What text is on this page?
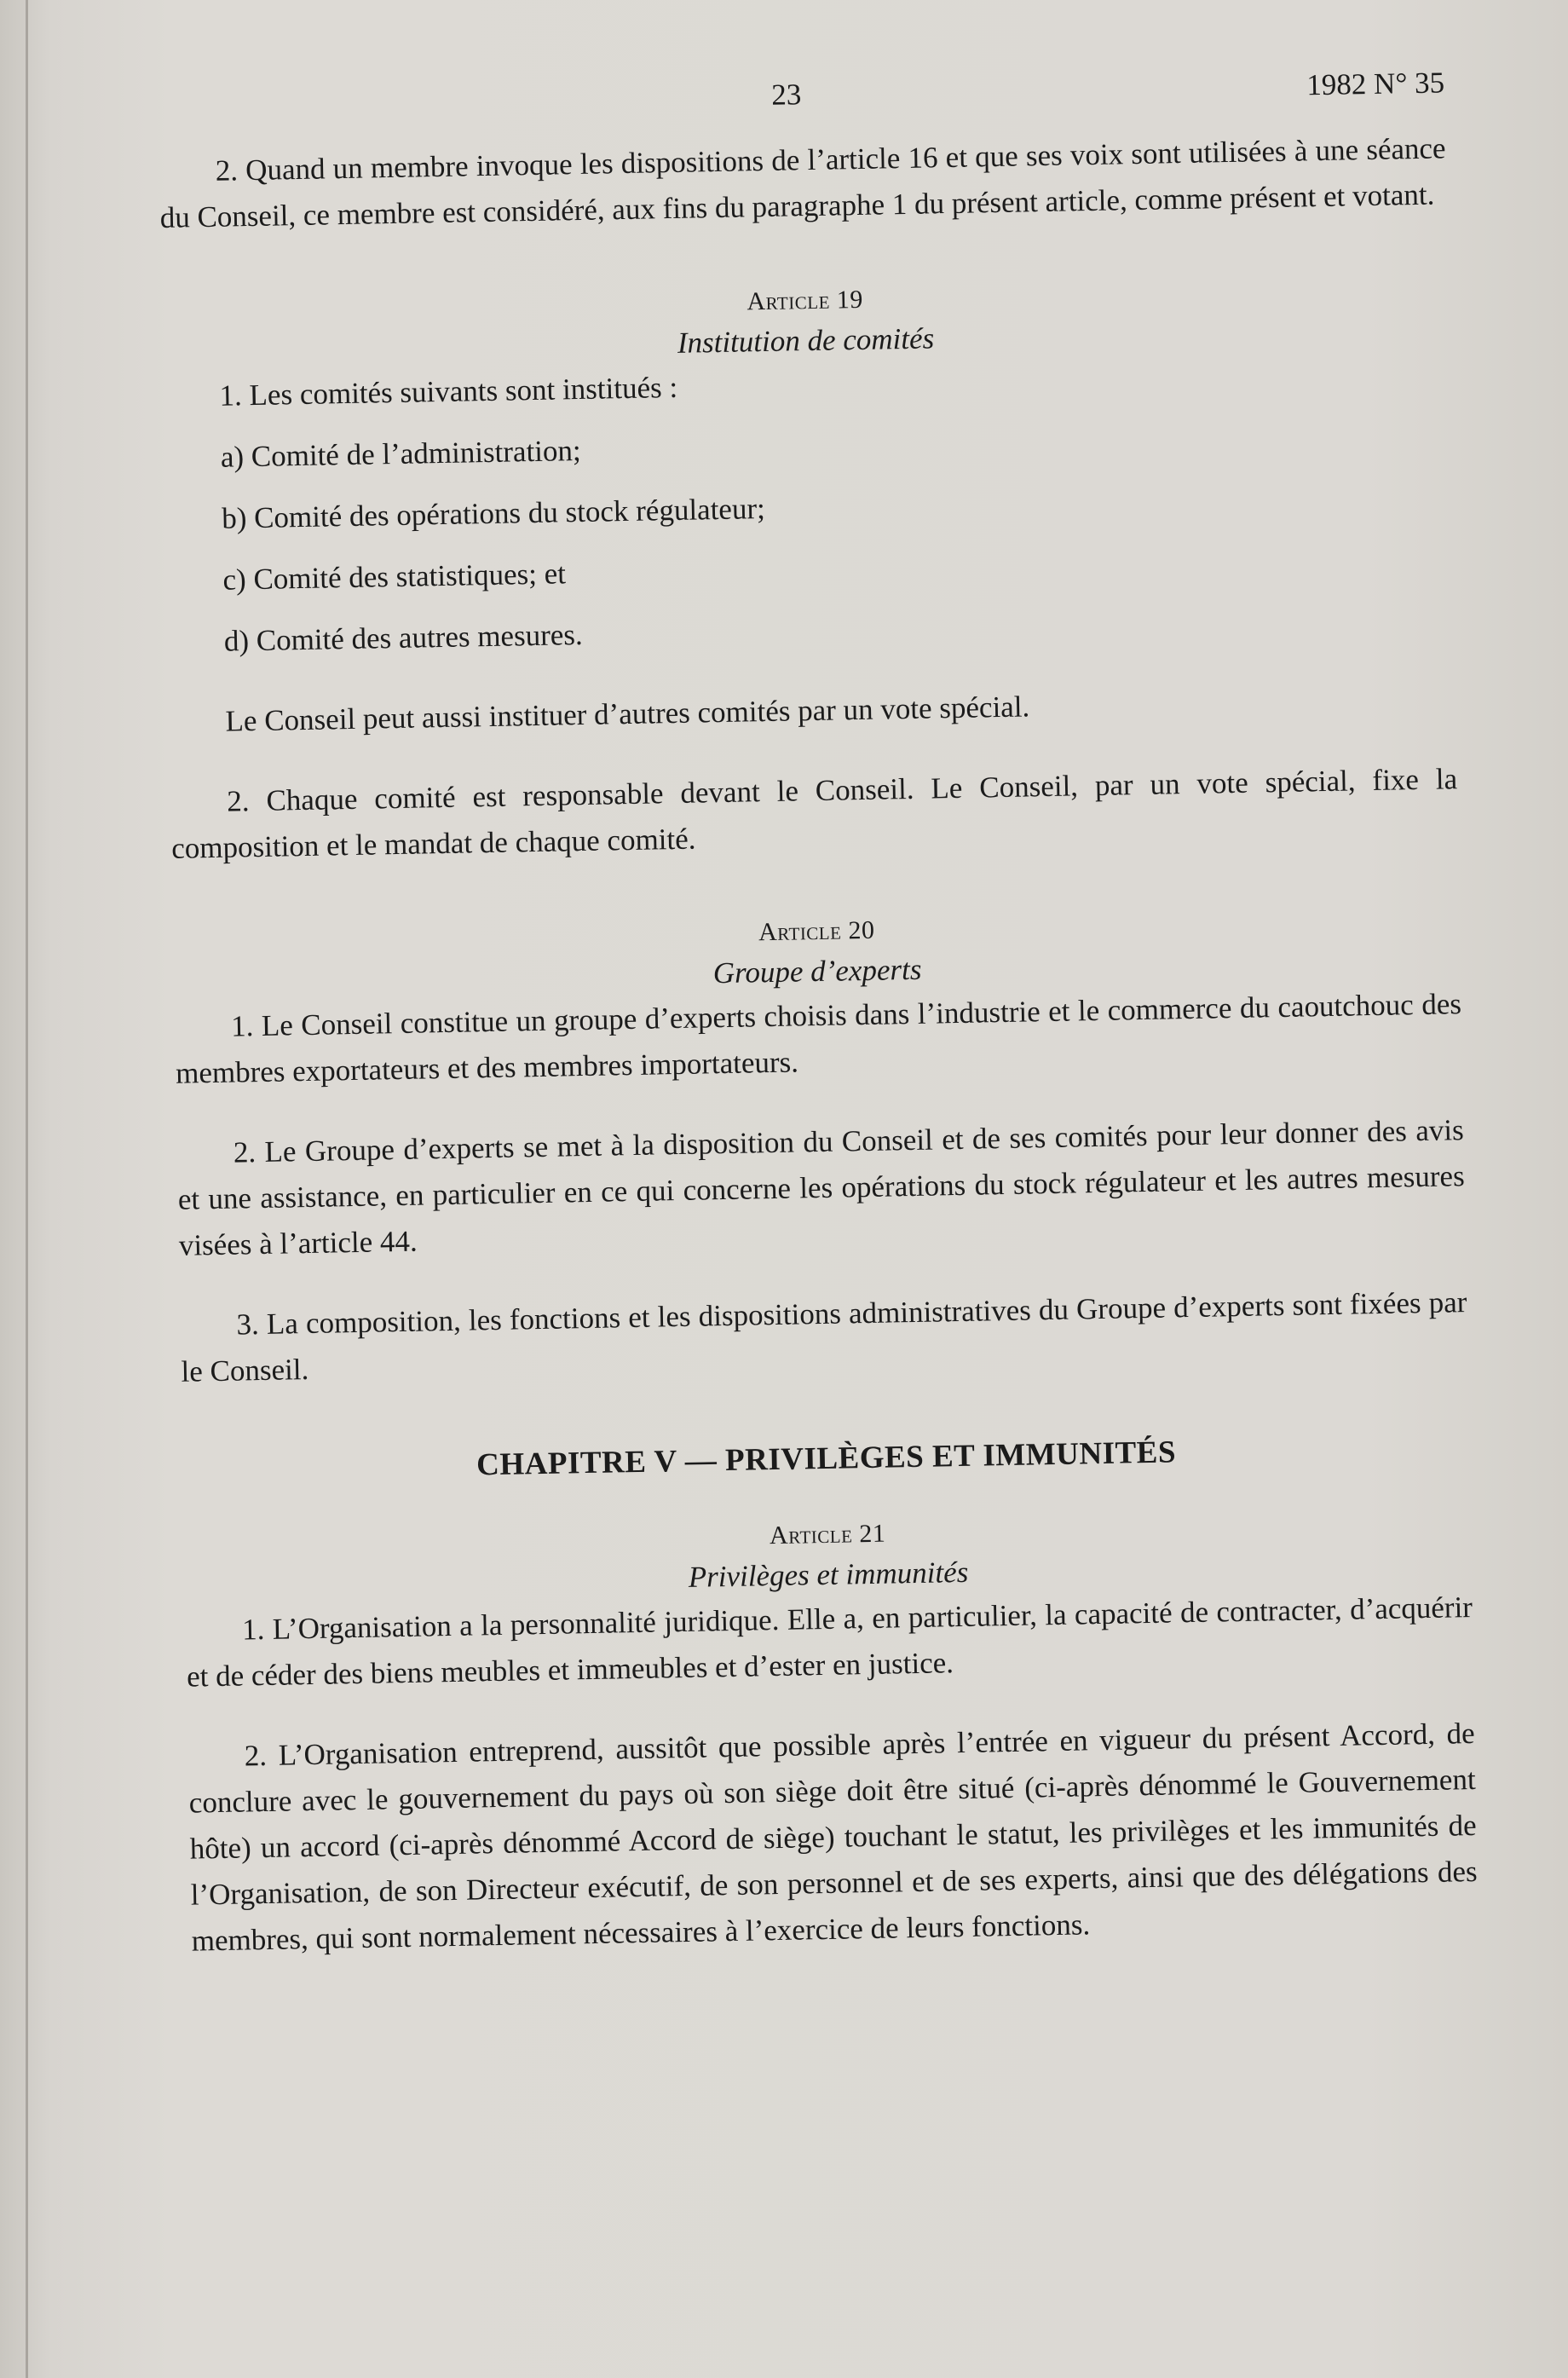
23	1982 N° 35

2. Quand un membre invoque les dispositions de l’article 16 et que ses voix sont utilisées à une séance du Conseil, ce membre est considéré, aux fins du paragraphe 1 du présent article, comme présent et votant.

Article 19
Institution de comités

1. Les comités suivants sont institués :

a) Comité de l’administration;

b) Comité des opérations du stock régulateur;

c) Comité des statistiques; et

d) Comité des autres mesures.

Le Conseil peut aussi instituer d’autres comités par un vote spécial.

2. Chaque comité est responsable devant le Conseil. Le Conseil, par un vote spécial, fixe la composition et le mandat de chaque comité.

Article 20
Groupe d’experts

1. Le Conseil constitue un groupe d’experts choisis dans l’industrie et le commerce du caoutchouc des membres exportateurs et des membres importateurs.

2. Le Groupe d’experts se met à la disposition du Conseil et de ses comités pour leur donner des avis et une assistance, en particulier en ce qui concerne les opérations du stock régulateur et les autres mesures visées à l’article 44.

3. La composition, les fonctions et les dispositions administratives du Groupe d’experts sont fixées par le Conseil.

CHAPITRE V — PRIVILÈGES ET IMMUNITÉS
Article 21
Privilèges et immunités

1. L’Organisation a la personnalité juridique. Elle a, en particulier, la capacité de contracter, d’acquérir et de céder des biens meubles et immeubles et d’ester en justice.

2. L’Organisation entreprend, aussitôt que possible après l’entrée en vigueur du présent Accord, de conclure avec le gouvernement du pays où son siège doit être situé (ci-après dénommé le Gouvernement hôte) un accord (ci-après dénommé Accord de siège) touchant le statut, les privilèges et les immunités de l’Organisation, de son Directeur exécutif, de son personnel et de ses experts, ainsi que des délégations des membres, qui sont normalement nécessaires à l’exercice de leurs fonctions.
